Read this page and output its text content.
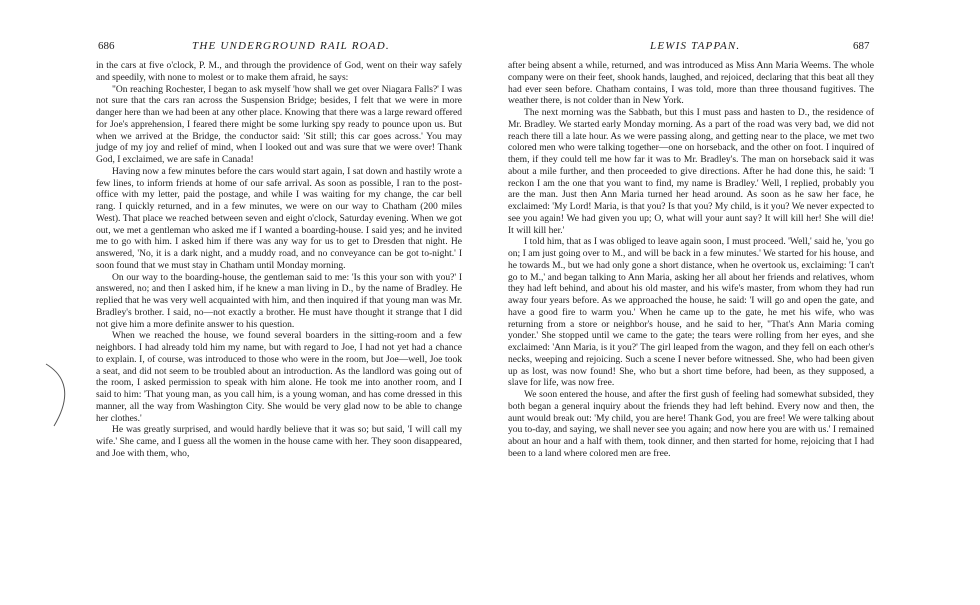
686	THE UNDERGROUND RAIL ROAD.

in the cars at five o'clock, P. M., and through the providence of God, went on their way safely and speedily, with none to molest or to make them afraid, he says:

"On reaching Rochester, I began to ask myself 'how shall we get over Niagara Falls?' I was not sure that the cars ran across the Suspension Bridge; besides, I felt that we were in more danger here than we had been at any other place. Knowing that there was a large reward offered for Joe's apprehension, I feared there might be some lurking spy ready to pounce upon us. But when we arrived at the Bridge, the conductor said: 'Sit still; this car goes across.' You may judge of my joy and relief of mind, when I looked out and was sure that we were over! Thank God, I exclaimed, we are safe in Canada!

Having now a few minutes before the cars would start again, I sat down and hastily wrote a few lines, to inform friends at home of our safe arrival. As soon as possible, I ran to the post-office with my letter, paid the postage, and while I was waiting for my change, the car bell rang. I quickly returned, and in a few minutes, we were on our way to Chatham (200 miles West). That place we reached between seven and eight o'clock, Saturday evening. When we got out, we met a gentleman who asked me if I wanted a boarding-house. I said yes; and he invited me to go with him. I asked him if there was any way for us to get to Dresden that night. He answered, 'No, it is a dark night, and a muddy road, and no conveyance can be got to-night.' I soon found that we must stay in Chatham until Monday morning.

On our way to the boarding-house, the gentleman said to me: 'Is this your son with you?' I answered, no; and then I asked him, if he knew a man living in D., by the name of Bradley. He replied that he was very well acquainted with him, and then inquired if that young man was Mr. Bradley's brother. I said, no—not exactly a brother. He must have thought it strange that I did not give him a more definite answer to his question.

When we reached the house, we found several boarders in the sitting-room and a few neighbors. I had already told him my name, but with regard to Joe, I had not yet had a chance to explain. I, of course, was introduced to those who were in the room, but Joe—well, Joe took a seat, and did not seem to be troubled about an introduction. As the landlord was going out of the room, I asked permission to speak with him alone. He took me into another room, and I said to him: 'That young man, as you call him, is a young woman, and has come dressed in this manner, all the way from Washington City. She would be very glad now to be able to change her clothes.'

He was greatly surprised, and would hardly believe that it was so; but said, 'I will call my wife.' She came, and I guess all the women in the house came with her. They soon disappeared, and Joe with them, who,

LEWIS TAPPAN.	687

after being absent a while, returned, and was introduced as Miss Ann Maria Weems. The whole company were on their feet, shook hands, laughed, and rejoiced, declaring that this beat all they had ever seen before. Chatham contains, I was told, more than three thousand fugitives. The weather there, is not colder than in New York.

The next morning was the Sabbath, but this I must pass and hasten to D., the residence of Mr. Bradley. We started early Monday morning. As a part of the road was very bad, we did not reach there till a late hour. As we were passing along, and getting near to the place, we met two colored men who were talking together—one on horseback, and the other on foot. I inquired of them, if they could tell me how far it was to Mr. Bradley's. The man on horseback said it was about a mile further, and then proceeded to give directions. After he had done this, he said: 'I reckon I am the one that you want to find, my name is Bradley.' Well, I replied, probably you are the man. Just then Ann Maria turned her head around. As soon as he saw her face, he exclaimed: 'My Lord! Maria, is that you? Is that you? My child, is it you? We never expected to see you again! We had given you up; O, what will your aunt say? It will kill her! She will die! It will kill her.'

I told him, that as I was obliged to leave again soon, I must proceed. 'Well,' said he, 'you go on; I am just going over to M., and will be back in a few minutes.' We started for his house, and he towards M., but we had only gone a short distance, when he overtook us, exclaiming: 'I can't go to M.,' and began talking to Ann Maria, asking her all about her friends and relatives, whom they had left behind, and about his old master, and his wife's master, from whom they had run away four years before. As we approached the house, he said: 'I will go and open the gate, and have a good fire to warm you.' When he came up to the gate, he met his wife, who was returning from a store or neighbor's house, and he said to her, "That's Ann Maria coming yonder.' She stopped until we came to the gate; the tears were rolling from her eyes, and she exclaimed: 'Ann Maria, is it you?' The girl leaped from the wagon, and they fell on each other's necks, weeping and rejoicing. Such a scene I never before witnessed. She, who had been given up as lost, was now found! She, who but a short time before, had been, as they supposed, a slave for life, was now free.

We soon entered the house, and after the first gush of feeling had somewhat subsided, they both began a general inquiry about the friends they had left behind. Every now and then, the aunt would break out: 'My child, you are here! Thank God, you are free! We were talking about you to-day, and saying, we shall never see you again; and now here you are with us.' I remained about an hour and a half with them, took dinner, and then started for home, rejoicing that I had been to a land where colored men are free.
